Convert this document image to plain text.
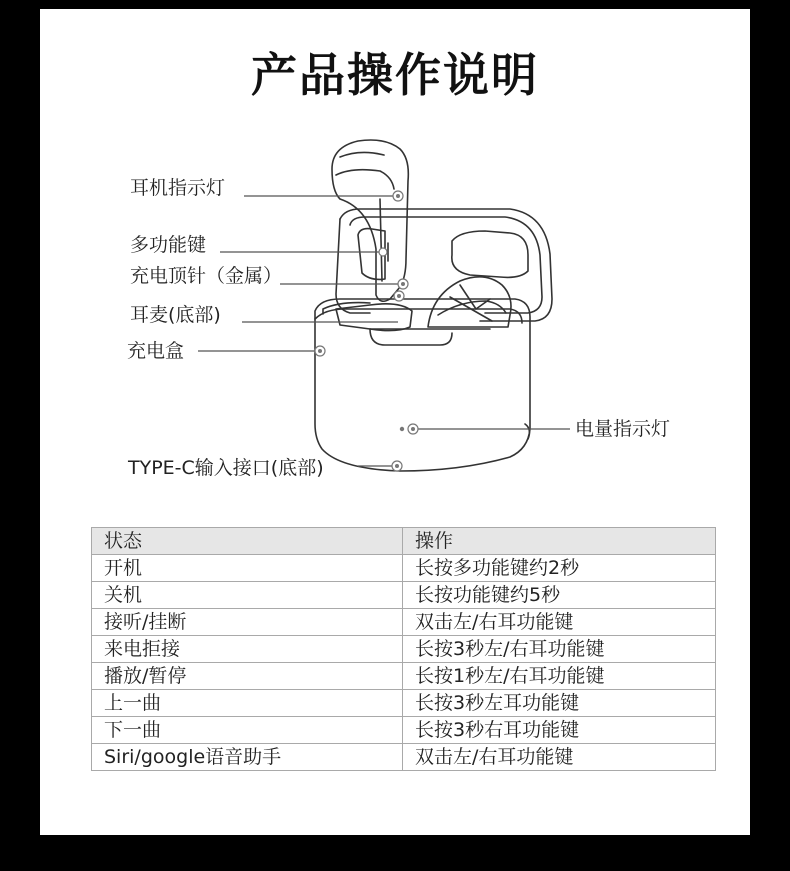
产品操作说明
耳机指示灯
多功能键
充电顶针（金属）
耳麦(底部)
充电盒
电量指示灯
TYPE-C输入接口(底部)
状态	操作
开机	长按多功能键约2秒
关机	长按功能键约5秒
接听/挂断	双击左/右耳功能键
来电拒接	长按3秒左/右耳功能键
播放/暂停	长按1秒左/右耳功能键
上一曲	长按3秒左耳功能键
下一曲	长按3秒右耳功能键
Siri/google语音助手	双击左/右耳功能键
